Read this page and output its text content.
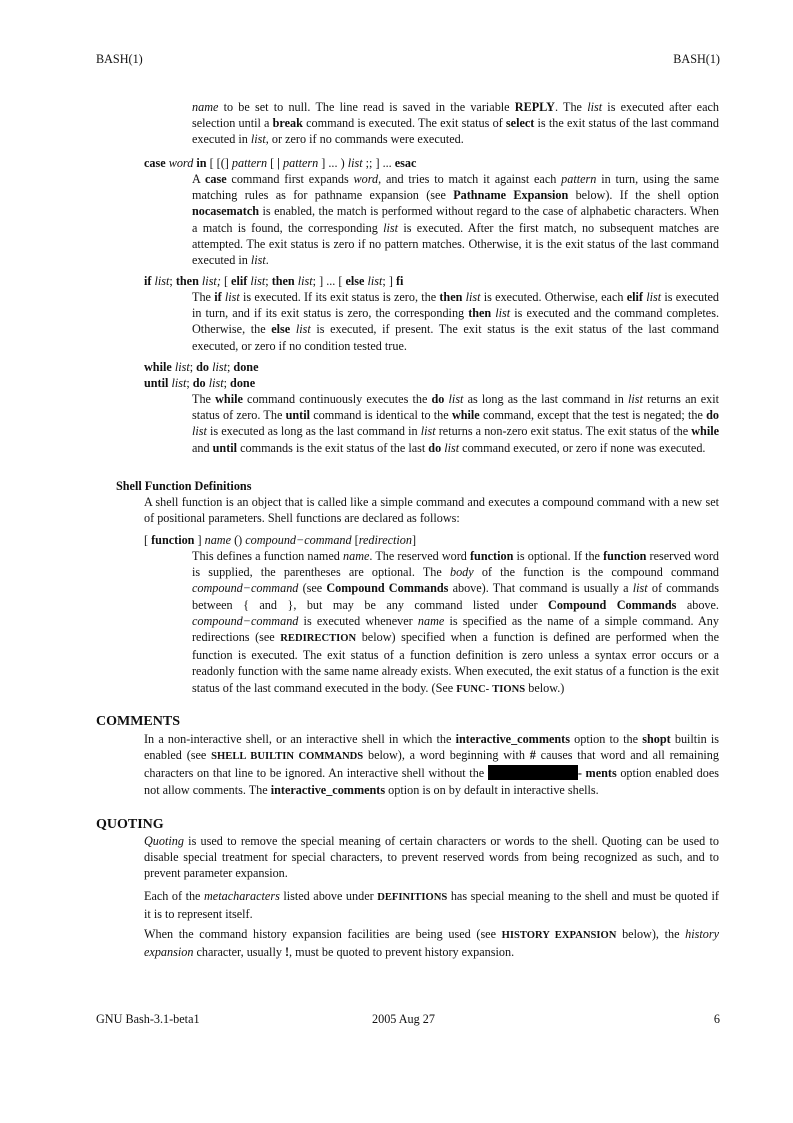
BASH(1)	BASH(1)

name to be set to null. The line read is saved in the variable REPLY. The list is executed after each selection until a break command is executed. The exit status of select is the exit status of the last command executed in list, or zero if no commands were executed.

case word in [ [(] pattern [ | pattern ] ... ) list ;; ] ... esac

A case command first expands word, and tries to match it against each pattern in turn, using the same matching rules as for pathname expansion (see Pathname Expansion below). If the shell option nocasematch is enabled, the match is performed without regard to the case of alphabetic characters. When a match is found, the corresponding list is executed. After the first match, no subsequent matches are attempted. The exit status is zero if no pattern matches. Otherwise, it is the exit status of the last command executed in list.

if list; then list; [ elif list; then list; ] ... [ else list; ] fi

The if list is executed. If its exit status is zero, the then list is executed. Otherwise, each elif list is executed in turn, and if its exit status is zero, the corresponding then list is executed and the command completes. Otherwise, the else list is executed, if present. The exit status is the exit status of the last command executed, or zero if no condition tested true.

while list; do list; done

until list; do list; done

The while command continuously executes the do list as long as the last command in list returns an exit status of zero. The until command is identical to the while command, except that the test is negated; the do list is executed as long as the last command in list returns a non-zero exit status. The exit status of the while and until commands is the exit status of the last do list command executed, or zero if none was executed.

Shell Function Definitions

A shell function is an object that is called like a simple command and executes a compound command with a new set of positional parameters. Shell functions are declared as follows:

[ function ] name () compound−command [redirection]

This defines a function named name. The reserved word function is optional. If the function reserved word is supplied, the parentheses are optional. The body of the function is the compound command compound−command (see Compound Commands above). That command is usually a list of commands between { and }, but may be any command listed under Compound Commands above. compound−command is executed whenever name is specified as the name of a simple command. Any redirections (see REDIRECTION below) specified when a function is defined are performed when the function is executed. The exit status of a function definition is zero unless a syntax error occurs or a readonly function with the same name already exists. When executed, the exit status of a function is the exit status of the last command executed in the body. (See FUNC- TIONS below.)

COMMENTS

In a non-interactive shell, or an interactive shell in which the interactive_comments option to the shopt builtin is enabled (see SHELL BUILTIN COMMANDS below), a word beginning with # causes that word and all remaining characters on that line to be ignored. An interactive shell without the	- ments option enabled does not allow comments. The interactive_comments option is on by default in interactive shells.

QUOTING

Quoting is used to remove the special meaning of certain characters or words to the shell. Quoting can be used to disable special treatment for special characters, to prevent reserved words from being recognized as such, and to prevent parameter expansion.

Each of the metacharacters listed above under DEFINITIONS has special meaning to the shell and must be quoted if it is to represent itself.

When the command history expansion facilities are being used (see HISTORY EXPANSION below), the history expansion character, usually !, must be quoted to prevent history expansion.

GNU Bash-3.1-beta1	2005 Aug 27	6
